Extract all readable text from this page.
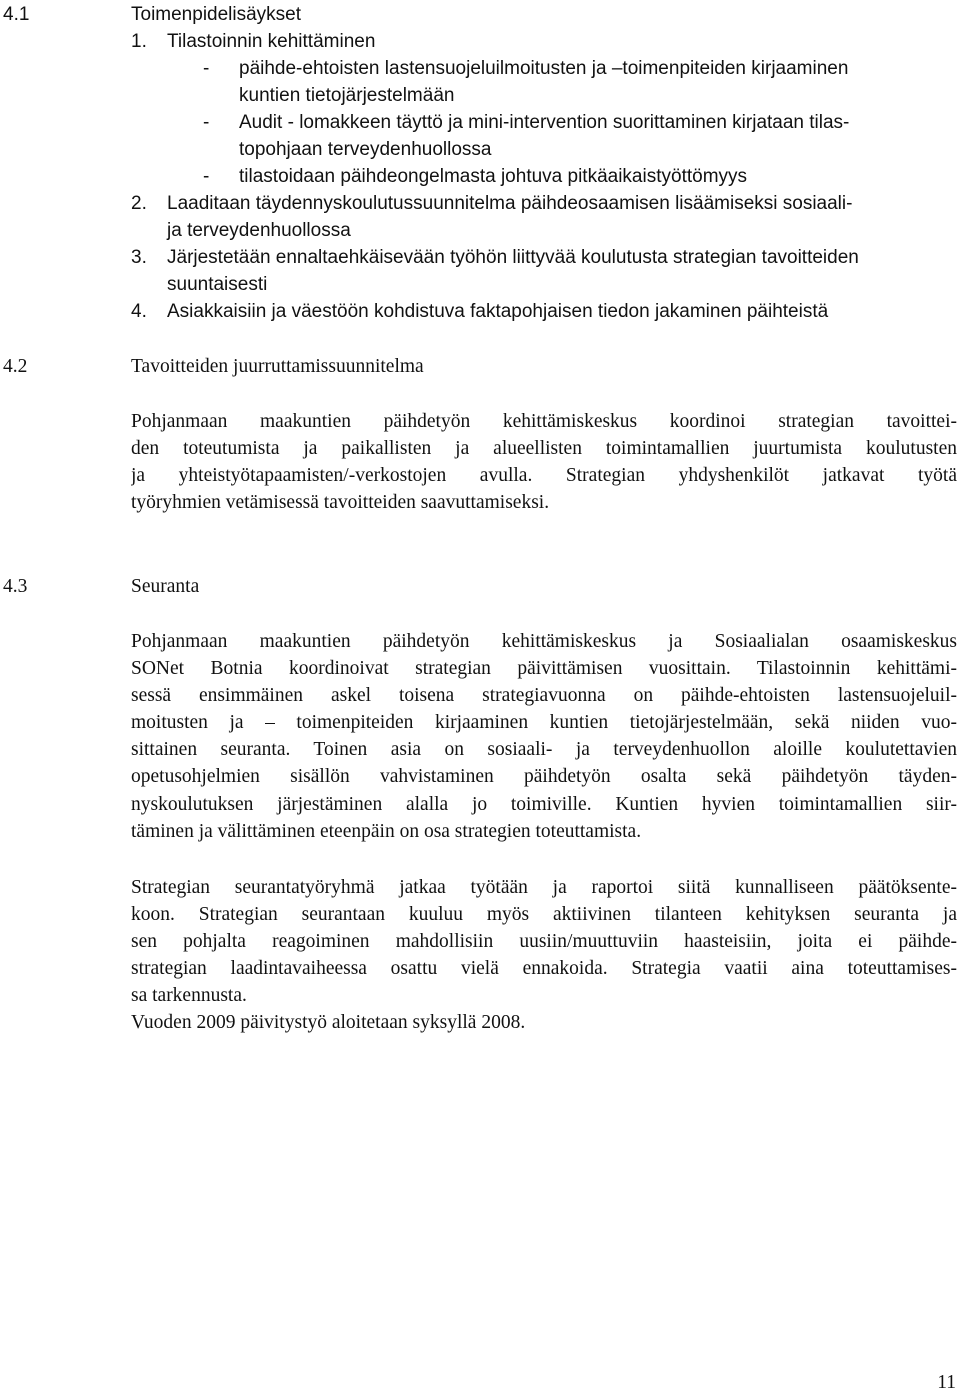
4.1	Toimenpidelisäykset
1. Tilastoinnin kehittäminen
- päihde-ehtoisten lastensuojeluilmoitusten ja –toimenpiteiden kirjaaminen
kuntien tietojärjestelmään
- Audit - lomakkeen täyttö ja mini-intervention suorittaminen kirjataan tilas-
topohjaan terveydenhuollossa
- tilastoidaan päihdeongelmasta johtuva pitkäaikaistyöttömyys
2. Laaditaan täydennyskoulutussuunnitelma päihdeosaamisen lisäämiseksi sosiaali-
ja terveydenhuollossa
3. Järjestetään ennaltaehkäisevään työhön liittyvää koulutusta strategian tavoitteiden
suuntaisesti
4. Asiakkaisiin ja väestöön kohdistuva faktapohjaisen tiedon jakaminen päihteistä
4.2	Tavoitteiden juurruttamissuunnitelma
Pohjanmaan maakuntien päihdetyön kehittämiskeskus koordinoi strategian tavoittei-
den toteutumista ja paikallisten ja alueellisten toimintamallien juurtumista koulutusten
ja yhteistyötapaamisten/-verkostojen avulla. Strategian yhdyshenkilöt jatkavat työtä
työryhmien vetämisessä tavoitteiden saavuttamiseksi.
4.3	Seuranta
Pohjanmaan maakuntien päihdetyön kehittämiskeskus ja Sosiaalialan osaamiskeskus
SONet Botnia koordinoivat strategian päivittämisen vuosittain. Tilastoinnin kehittämi-
sessä ensimmäinen askel toisena strategiavuonna on päihde-ehtoisten lastensuojeluil-
moitusten ja – toimenpiteiden kirjaaminen kuntien tietojärjestelmään, sekä niiden vuo-
sittainen seuranta. Toinen asia on sosiaali- ja terveydenhuollon aloille koulutettavien
opetusohjelmien sisällön vahvistaminen päihdetyön osalta sekä päihdetyön täyden-
nyskoulutuksen järjestäminen alalla jo toimiville. Kuntien hyvien toimintamallien siir-
täminen ja välittäminen eteenpäin on osa strategien toteuttamista.
Strategian seurantatyöryhmä jatkaa työtään ja raportoi siitä kunnalliseen päätöksente-
koon. Strategian seurantaan kuuluu myös aktiivinen tilanteen kehityksen seuranta ja
sen pohjalta reagoiminen mahdollisiin uusiin/muuttuviin haasteisiin, joita ei päihde-
strategian laadintavaiheessa osattu vielä ennakoida. Strategia vaatii aina toteuttamises-
sa tarkennusta.
Vuoden 2009 päivitystyö aloitetaan syksyllä 2008.
11
